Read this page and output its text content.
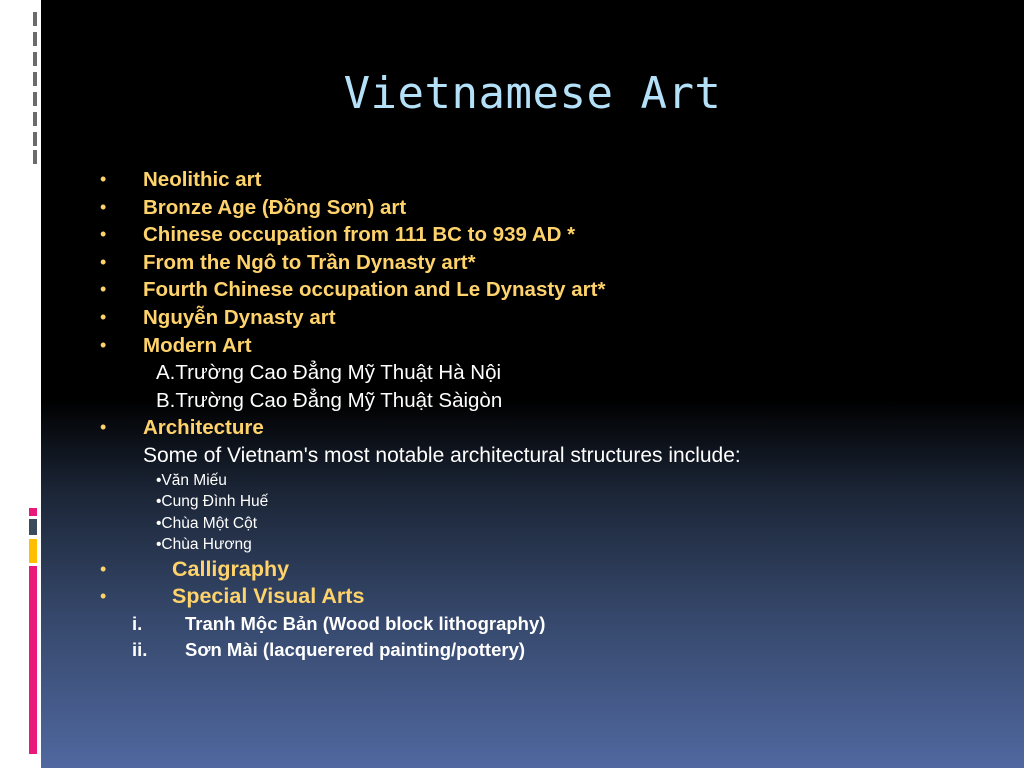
Vietnamese Art
• Neolithic art
• Bronze Age (Đồng Sơn) art
• Chinese occupation from 111 BC to 939 AD *
• From the Ngô to Trần Dynasty art*
• Fourth Chinese occupation and Le Dynasty art*
• Nguyễn Dynasty art
• Modern Art
A.Trường Cao Đẳng Mỹ Thuật Hà Nội
B.Trường Cao Đẳng Mỹ Thuật Sàigòn
• Architecture
Some of Vietnam's most notable architectural structures include:
•Văn Miếu
•Cung Đình Huế
•Chùa Một Cột
•Chùa Hương
•	Calligraphy
•	Special Visual Arts
i. Tranh Mộc Bản (Wood block lithography)
ii. Sơn Mài (lacquerered painting/pottery)
